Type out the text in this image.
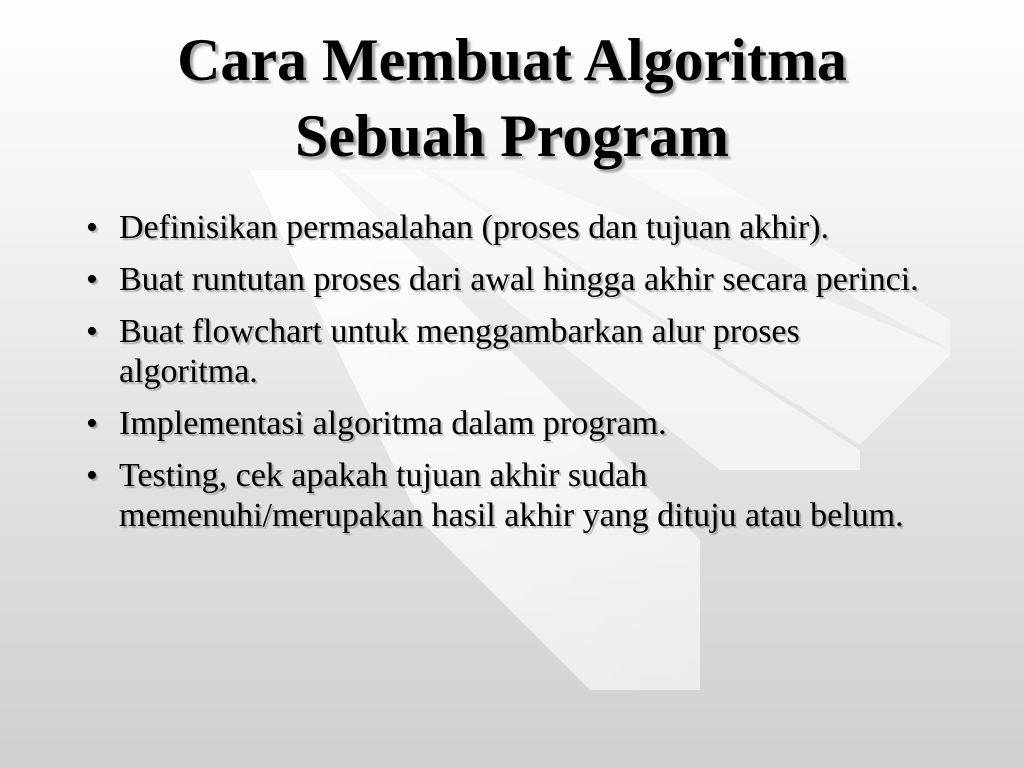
Cara Membuat Algoritma
Sebuah Program
• Definisikan permasalahan (proses dan tujuan akhir).
• Buat runtutan proses dari awal hingga akhir secara perinci.
• Buat flowchart untuk menggambarkan alur proses algoritma.
• Implementasi algoritma dalam program.
• Testing, cek apakah tujuan akhir sudah memenuhi/merupakan hasil akhir yang dituju atau belum.
